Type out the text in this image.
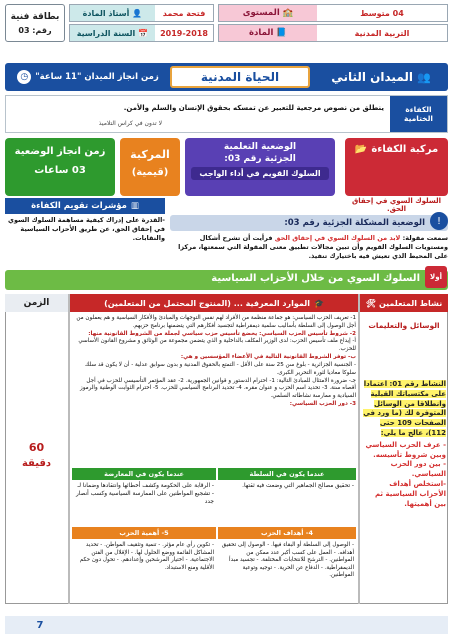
بطاقة فنية
رقم: 03
فتحة محمد
👤
أستاذ المادة
2019-2018
📅
السنة الدراسية
04 متوسط
🏫
المستوى
التربية المدنية
📘
المادة
👥
الميدان الثاني
الحياة المدنية
زمن انجاز الميدان "11 ساعة"
◷
الكفاءة الختامية
ينطلق من نصوص مرجعية للتعبير عن تمسكه بحقوق الإنسان والسلم والأمن.
لا تدون في كراس التلاميذ
مركبة الكفاءة
📂
السلوك السوي في إحقاق الحق.
الوضعية التعلمية
الجزئية رقم 03:
السلوك القويم في أداء الواجب
المركبة
(قيمية)
زمن انجاز الوضعية
03 ساعات
!
الوضعية المشكلة الجزئية رقم 03:
سمعت مقولة: لابد من السلوك السوي في إحقاق الحق فرأيت أن تشرح أشكال ومستويات السلوك القويم وأن تبين مجالات تطبيق معنى المقولة التي سمعتها، مركزا على المحيط الذي تعيش فيه باختيارك تنفيذ.
▥
مؤشرات تقويم الكفاءة
-القدرة على إدراك كيفية مساهمة السلوك السوي في إحقاق الحق، عن طريق الأحزاب السياسية والنقابات.
أولا
السلوك السوي من خلال الأحزاب السياسية
نشاط المتعلمين
🛠
🎓
الموارد المعرفية ... (المنتوج المحتمل من المتعلمين)
الزمن
الوسائل والتعليمات
النشاط رقم 01: اعتمادا على مكتسباتك القبلية وانطلاقا من الوسائل المتوفرة لك (ما ورد في الصفحات 109 حتى 112)، عالج ما يلي:
- عرف الحزب السياسي وبين شروط تأسيسه.
- بين دور الحزب السياسي.
-استخلص أهداف الأحزاب السياسية ثم بين أهميتها.
60
دقيقة
1- تعريف الحزب السياسي: هو جماعة منظمة من الأفراد لهم نفس التوجهات والمبادئ والأفكار السياسية و هم يعملون من أجل الوصول إلى السلطة بأساليب سلمية ديمقراطية لتجسيد أفكارهم التي يتضمنها برنامج حزبهم.
2- شروط تأسيس الحزب السياسي: يخضع تأسيس حزب سياسي لجملة من الشروط القانونية منها:
أ- إيداع ملف تأسيس الحزب: لدى الوزير المكلف بالداخلية و الذي يتضمن مجموعة من الوثائق و مشروع القانون الأساسي للحزب.
ب- توفر الشروط القانونية التالية في الأعضاء المؤسسين و هي:
- الجنسية الجزائرية - بلوغ سن 25 سنة على الأقل - التمتع بالحقوق المدنية و بدون سوابق عدلية - أن لا يكون قد سلك سلوكا معاديا لثورة التحرير الكبرى.
جـ- ضرورة الامتثال للمبادئ التالية: 1- احترام الدستور و قوانين الجمهورية. 2- عقد المؤتمر التأسيسي للحزب في أجل أقصاه سنة. 3- تحديد اسم الحزب و عنوان مقره. 4- تحديد البرنامج السياسي للحزب. 5- احترام الثوابت الوطنية والرموز السيادية و ممارسة نشاطاته السلمي.
3- دور الحزب السياسي:
عندما يكون في السلطة
عندما يكون في المعارضة
- تحقيق مصالح الجماهير التي وضعت فيه ثقتها.
- الرقابة على الحكومة وكشف أخطائها وانتقادها وضمانا لـ - تشجيع المواطنين على الممارسة السياسية وكسب أنصار جدد
4- أهداف الحزب
5- أهمية الحزب
- الوصول إلى السلطة أو البقاء فيها. - الوصول إلى تحقيق أهدافه. - العمل على كسب أكبر عدد ممكن من المواطنين. - الترشح للانتخابات المختلفة. - تجسيد مبدأ الديمقراطية. - الدفاع عن الحرية. - توجيه وتوعية المواطنين.
- تكوين رأي عام مؤثر. - تنمية وتثقيف المواطن. - تحديد المشاكل القائمة ووضع الحلول لها. - الإقلال من الفتن الاجتماعية. - اختيار المرشحين وإعدادهم. - تحول دون حكم الأقلية ومنع الاستبداد.
7
